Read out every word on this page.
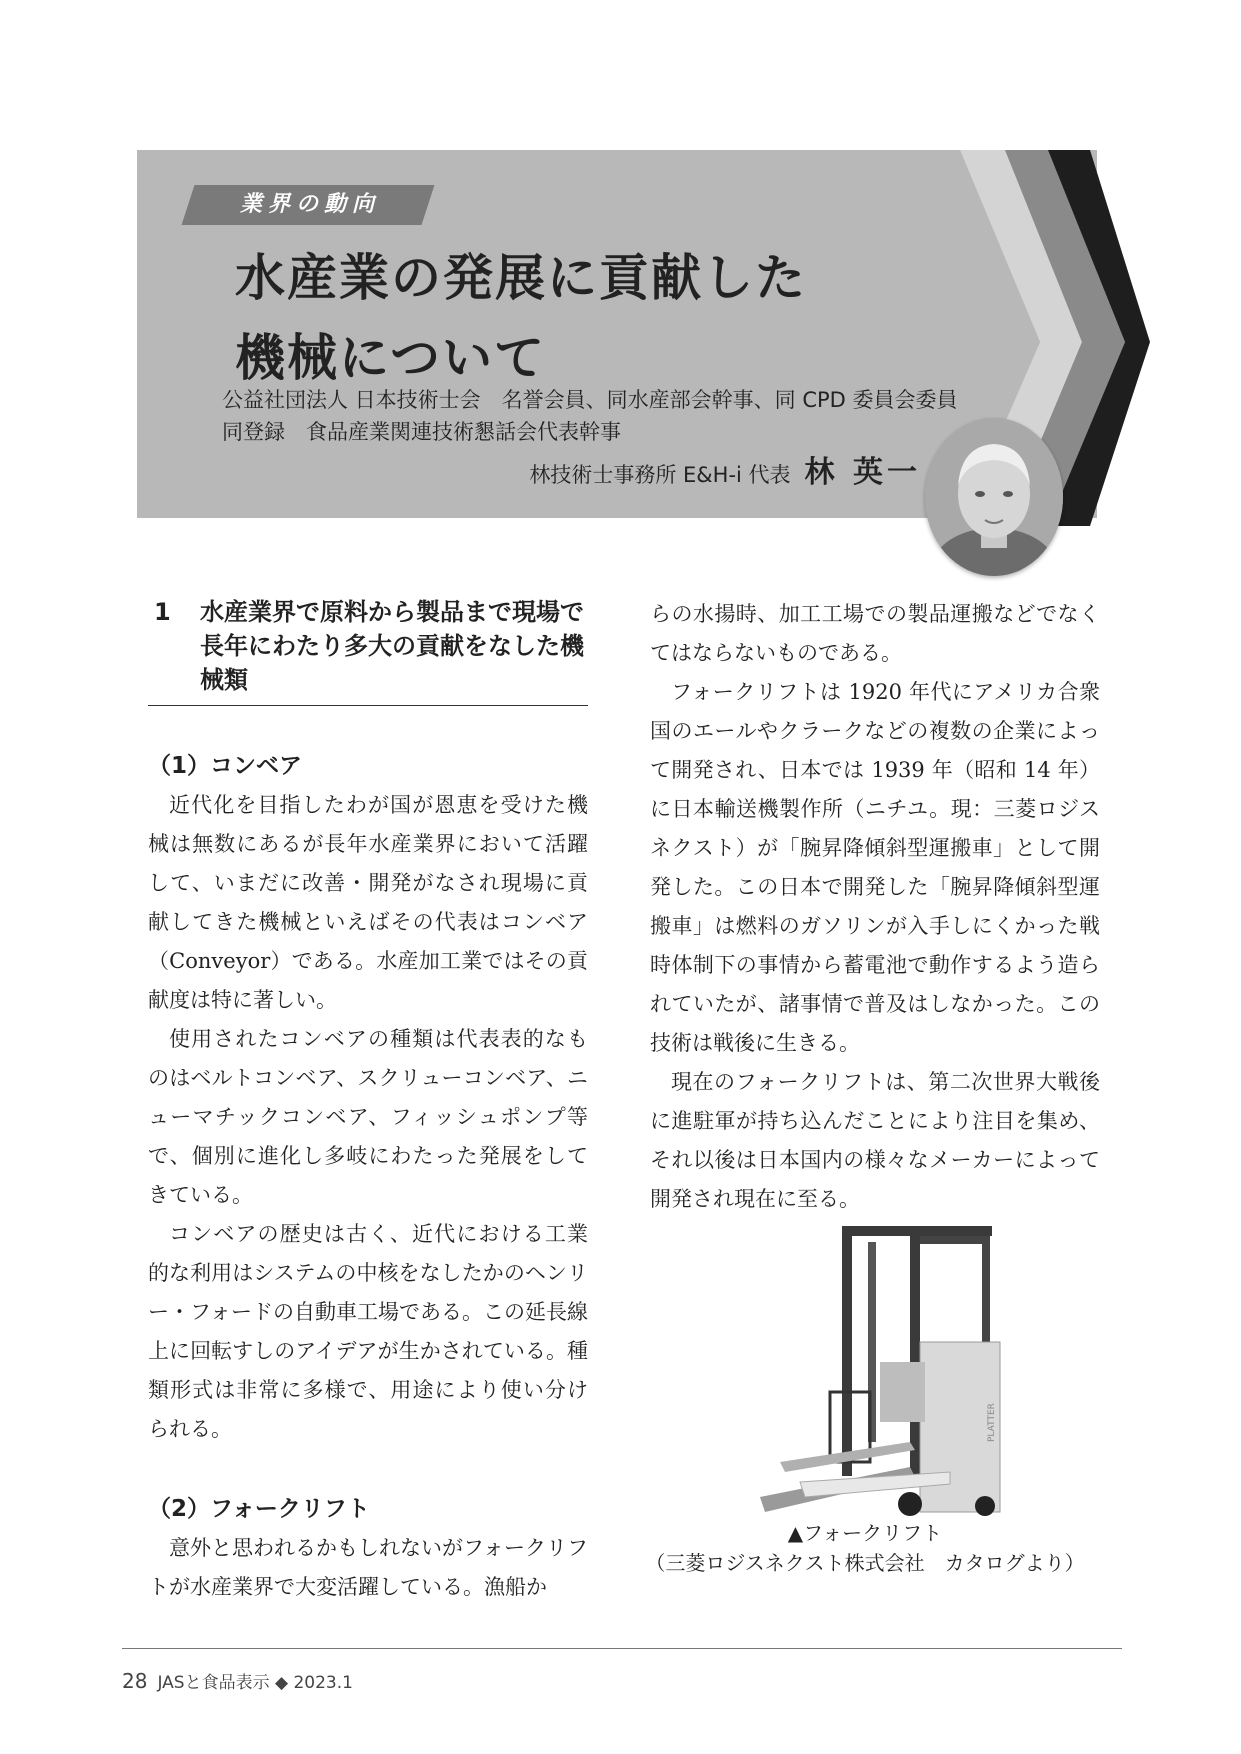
業界の動向
水産業の発展に貢献した
機械について
公益社団法人 日本技術士会　名誉会員、同水産部会幹事、同 CPD 委員会委員
同登録　食品産業関連技術懇話会代表幹事
林技術士事務所 E&H-i 代表 林 英一
1 水産業界で原料から製品まで現場で長年にわたり多大の貢献をなした機械類
（1）コンベア

近代化を目指したわが国が恩恵を受けた機械は無数にあるが長年水産業界において活躍して、いまだに改善・開発がなされ現場に貢献してきた機械といえばその代表はコンベア（Conveyor）である。水産加工業ではその貢献度は特に著しい。

使用されたコンベアの種類は代表表的なものはベルトコンベア、スクリューコンベア、ニューマチックコンベア、フィッシュポンプ等で、個別に進化し多岐にわたった発展をしてきている。

コンベアの歴史は古く、近代における工業的な利用はシステムの中核をなしたかのヘンリー・フォードの自動車工場である。この延長線上に回転すしのアイデアが生かされている。種類形式は非常に多様で、用途により使い分けられる。

（2）フォークリフト

意外と思われるかもしれないがフォークリフトが水産業界で大変活躍している。漁船か

らの水揚時、加工工場での製品運搬などでなくてはならないものである。

フォークリフトは 1920 年代にアメリカ合衆国のエールやクラークなどの複数の企業によって開発され、日本では 1939 年（昭和 14 年）に日本輸送機製作所（ニチユ。現：三菱ロジスネクスト）が「腕昇降傾斜型運搬車」として開発した。この日本で開発した「腕昇降傾斜型運搬車」は燃料のガソリンが入手しにくかった戦時体制下の事情から蓄電池で動作するよう造られていたが、諸事情で普及はしなかった。この技術は戦後に生きる。

現在のフォークリフトは、第二次世界大戦後に進駐軍が持ち込んだことにより注目を集め、それ以後は日本国内の様々なメーカーによって開発され現在に至る。

PLATTER
▲フォークリフト
（三菱ロジスネクスト株式会社　カタログより）
28 JASと食品表示 ◆ 2023.1
